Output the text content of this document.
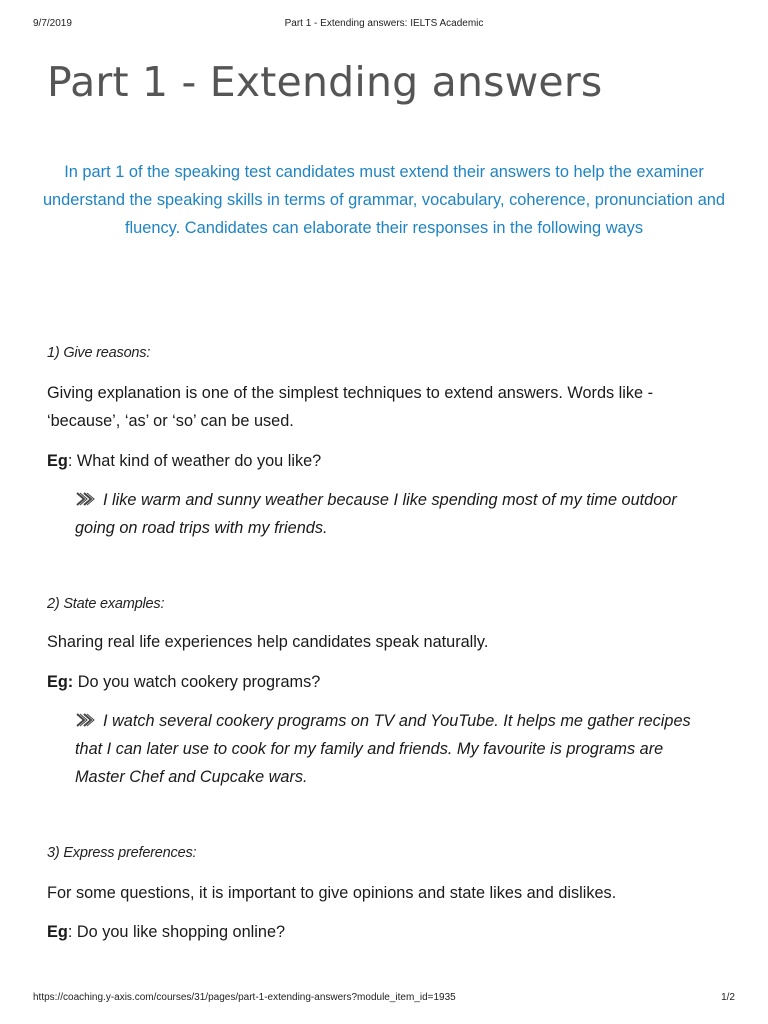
9/7/2019	Part 1 - Extending answers: IELTS Academic
Part 1 - Extending answers
In part 1 of the speaking test candidates must extend their answers to help the examiner understand the speaking skills in terms of grammar, vocabulary, coherence, pronunciation and fluency. Candidates can elaborate their responses in the following ways
1) Give reasons:
Giving explanation is one of the simplest techniques to extend answers. Words like - ‘because’, ‘as’ or ‘so’ can be used.
Eg: What kind of weather do you like?
I like warm and sunny weather because I like spending most of my time outdoor going on road trips with my friends.
2) State examples:
Sharing real life experiences help candidates speak naturally.
Eg: Do you watch cookery programs?
I watch several cookery programs on TV and YouTube. It helps me gather recipes that I can later use to cook for my family and friends. My favourite is programs are Master Chef and Cupcake wars.
3) Express preferences:
For some questions, it is important to give opinions and state likes and dislikes.
Eg: Do you like shopping online?
https://coaching.y-axis.com/courses/31/pages/part-1-extending-answers?module_item_id=1935	1/2
